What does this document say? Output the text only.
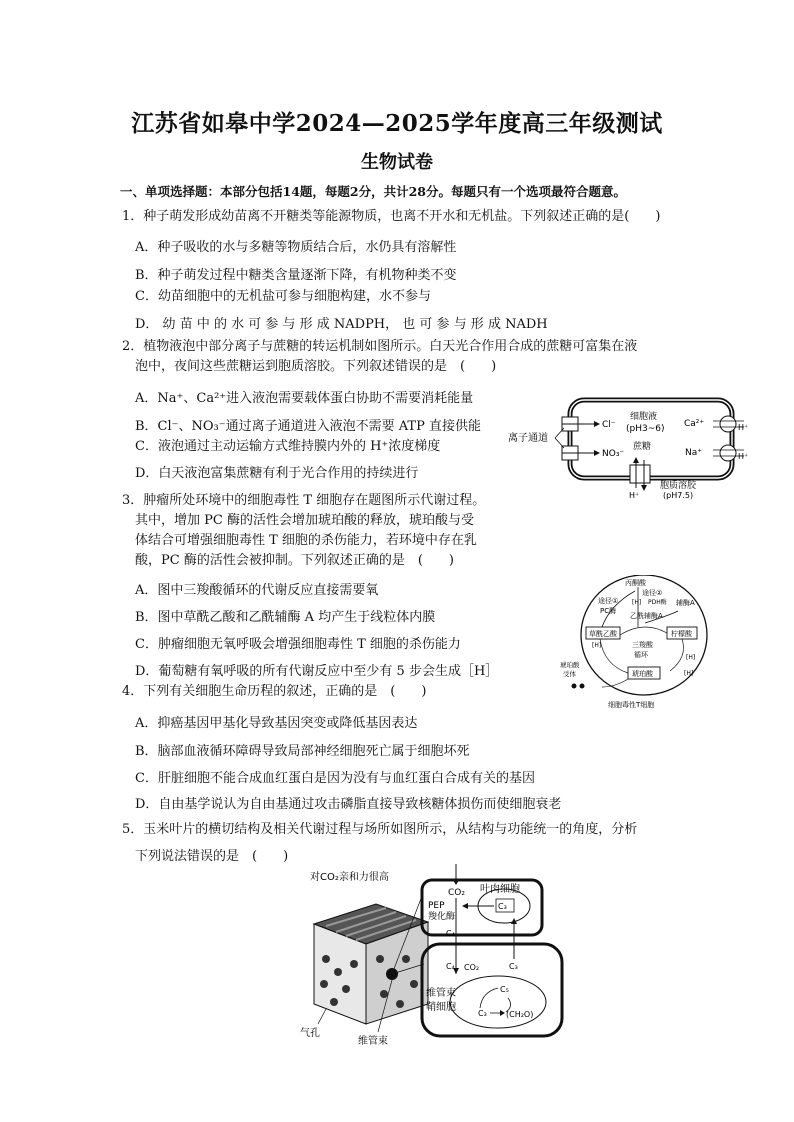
江苏省如皋中学2024—2025学年度高三年级测试
生物试卷
一、单项选择题：本部分包括14题，每题2分，共计28分。每题只有一个选项最符合题意。
1．种子萌发形成幼苗离不开糖类等能源物质，也离不开水和无机盐。下列叙述正确的是(　　)
A．种子吸收的水与多糖等物质结合后，水仍具有溶解性
B．种子萌发过程中糖类含量逐渐下降，有机物种类不变
C．幼苗细胞中的无机盐可参与细胞构建，水不参与
D． 幼 苗 中 的 水 可 参 与 形 成 NADPH， 也 可 参 与 形 成 NADH
2．植物液泡中部分离子与蔗糖的转运机制如图所示。白天光合作用合成的蔗糖可富集在液
泡中，夜间这些蔗糖运到胞质溶胶。下列叙述错误的是　(　　)
A．Na⁺、Ca²⁺进入液泡需要载体蛋白协助不需要消耗能量
B．Cl⁻、NO₃⁻通过离子通道进入液泡不需要 ATP 直接供能
C．液泡通过主动运输方式维持膜内外的 H⁺浓度梯度
D．白天液泡富集蔗糖有利于光合作用的持续进行
离子通道
Cl⁻
NO₃⁻
细胞液
(pH3~6)
蔗糖
H⁺
胞质溶胶
(pH7.5)
Ca²⁺
Na⁺
H⁺
H⁺
3．肿瘤所处环境中的细胞毒性 T 细胞存在题图所示代谢过程。
其中，增加 PC 酶的活性会增加琥珀酸的释放，琥珀酸与受
体结合可增强细胞毒性 T 细胞的杀伤能力，若环境中存在乳
酸，PC 酶的活性会被抑制。下列叙述正确的是　(　　)
A．图中三羧酸循环的代谢反应直接需要氧
B．图中草酰乙酸和乙酰辅酶 A 均产生于线粒体内膜
C．肿瘤细胞无氧呼吸会增强细胞毒性 T 细胞的杀伤能力
D．葡萄糖有氧呼吸的所有代谢反应中至少有 5 步会生成［H］
丙酮酸
途径②
[H] PDH酶
乙酰辅酶A
途径①
PC酶
辅酶A
草酰乙酸	柠檬酸
[H]	三羧酸
循环	[H]
[H]
琥珀酸
琥珀酸
受体
细胞毒性T细胞
4．下列有关细胞生命历程的叙述，正确的是　(　　)
A．抑癌基因甲基化导致基因突变或降低基因表达
B．脑部血液循环障碍导致局部神经细胞死亡属于细胞坏死
C．肝脏细胞不能合成血红蛋白是因为没有与血红蛋白合成有关的基因
D．自由基学说认为自由基通过攻击磷脂直接导致核糖体损伤而使细胞衰老
5．玉米叶片的横切结构及相关代谢过程与场所如图所示，从结构与功能统一的角度，分析
下列说法错误的是　(　　)
气孔
维管束
对CO₂亲和力很高
C₃
CO₂ 叶肉细胞
PEP
羧化酶
C₄
C₃
C₄ CO₂
维管束
鞘细胞
C₅
C₃ (CH₂O)
